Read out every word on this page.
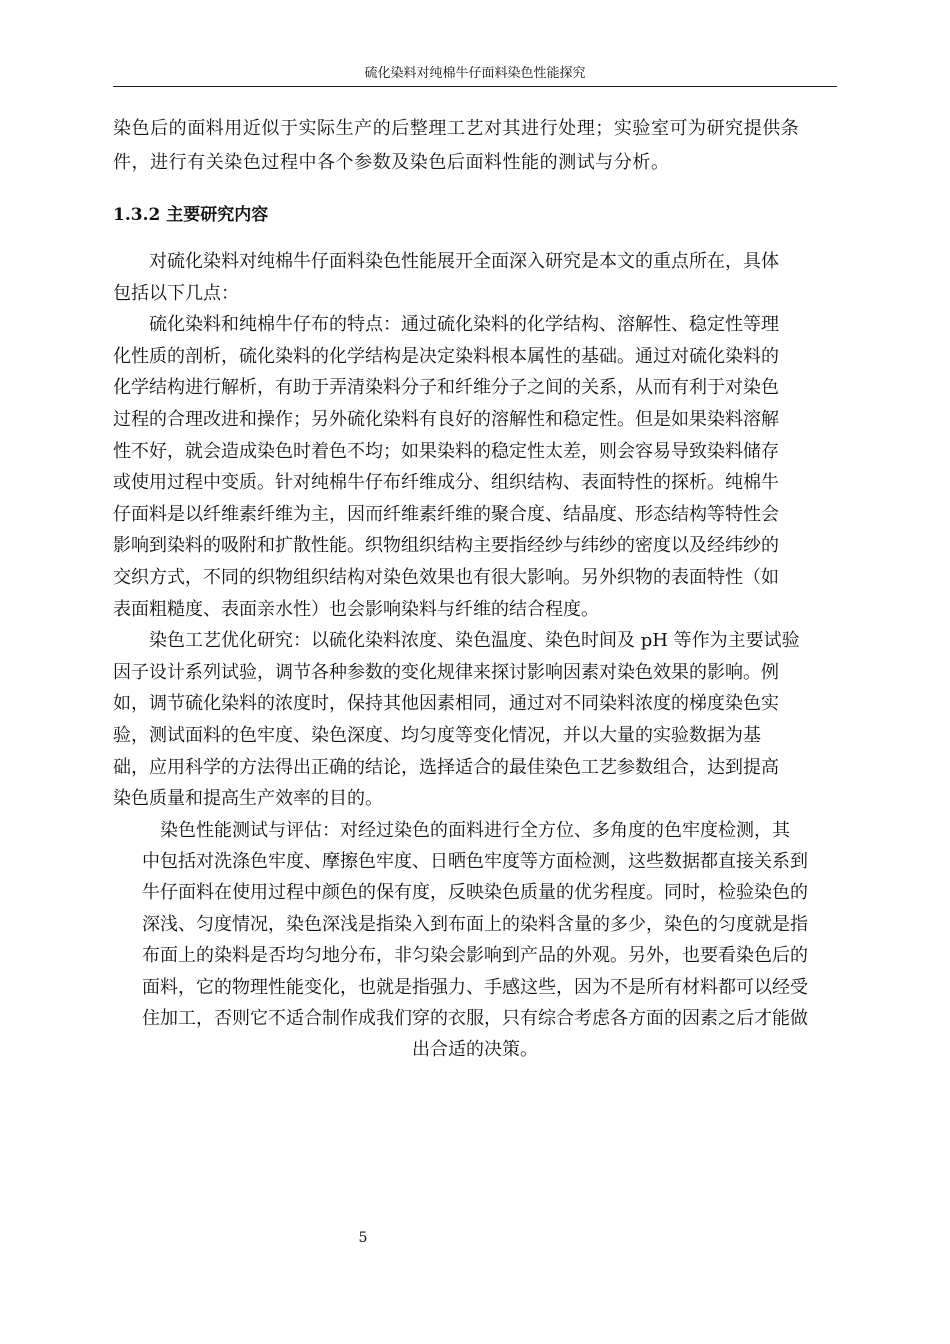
硫化染料对纯棉牛仔面料染色性能探究
染色后的面料用近似于实际生产的后整理工艺对其进行处理；实验室可为研究提供条
件，进行有关染色过程中各个参数及染色后面料性能的测试与分析。
1.3.2 主要研究内容
　　对硫化染料对纯棉牛仔面料染色性能展开全面深入研究是本文的重点所在，具体
包括以下几点：
　　硫化染料和纯棉牛仔布的特点：通过硫化染料的化学结构、溶解性、稳定性等理
化性质的剖析，硫化染料的化学结构是决定染料根本属性的基础。通过对硫化染料的
化学结构进行解析，有助于弄清染料分子和纤维分子之间的关系，从而有利于对染色
过程的合理改进和操作；另外硫化染料有良好的溶解性和稳定性。但是如果染料溶解
性不好，就会造成染色时着色不均；如果染料的稳定性太差，则会容易导致染料储存
或使用过程中变质。针对纯棉牛仔布纤维成分、组织结构、表面特性的探析。纯棉牛
仔面料是以纤维素纤维为主，因而纤维素纤维的聚合度、结晶度、形态结构等特性会
影响到染料的吸附和扩散性能。织物组织结构主要指经纱与纬纱的密度以及经纬纱的
交织方式，不同的织物组织结构对染色效果也有很大影响。另外织物的表面特性（如
表面粗糙度、表面亲水性）也会影响染料与纤维的结合程度。
　　染色工艺优化研究：以硫化染料浓度、染色温度、染色时间及 pH 等作为主要试验
因子设计系列试验，调节各种参数的变化规律来探讨影响因素对染色效果的影响。例
如，调节硫化染料的浓度时，保持其他因素相同，通过对不同染料浓度的梯度染色实
验，测试面料的色牢度、染色深度、均匀度等变化情况，并以大量的实验数据为基
础，应用科学的方法得出正确的结论，选择适合的最佳染色工艺参数组合，达到提高
染色质量和提高生产效率的目的。
染色性能测试与评估：对经过染色的面料进行全方位、多角度的色牢度检测，其
中包括对洗涤色牢度、摩擦色牢度、日晒色牢度等方面检测，这些数据都直接关系到
牛仔面料在使用过程中颜色的保有度，反映染色质量的优劣程度。同时，检验染色的
深浅、匀度情况，染色深浅是指染入到布面上的染料含量的多少，染色的匀度就是指
布面上的染料是否均匀地分布，非匀染会影响到产品的外观。另外，也要看染色后的
面料，它的物理性能变化，也就是指强力、手感这些，因为不是所有材料都可以经受
住加工，否则它不适合制作成我们穿的衣服，只有综合考虑各方面的因素之后才能做
出合适的决策。
5
